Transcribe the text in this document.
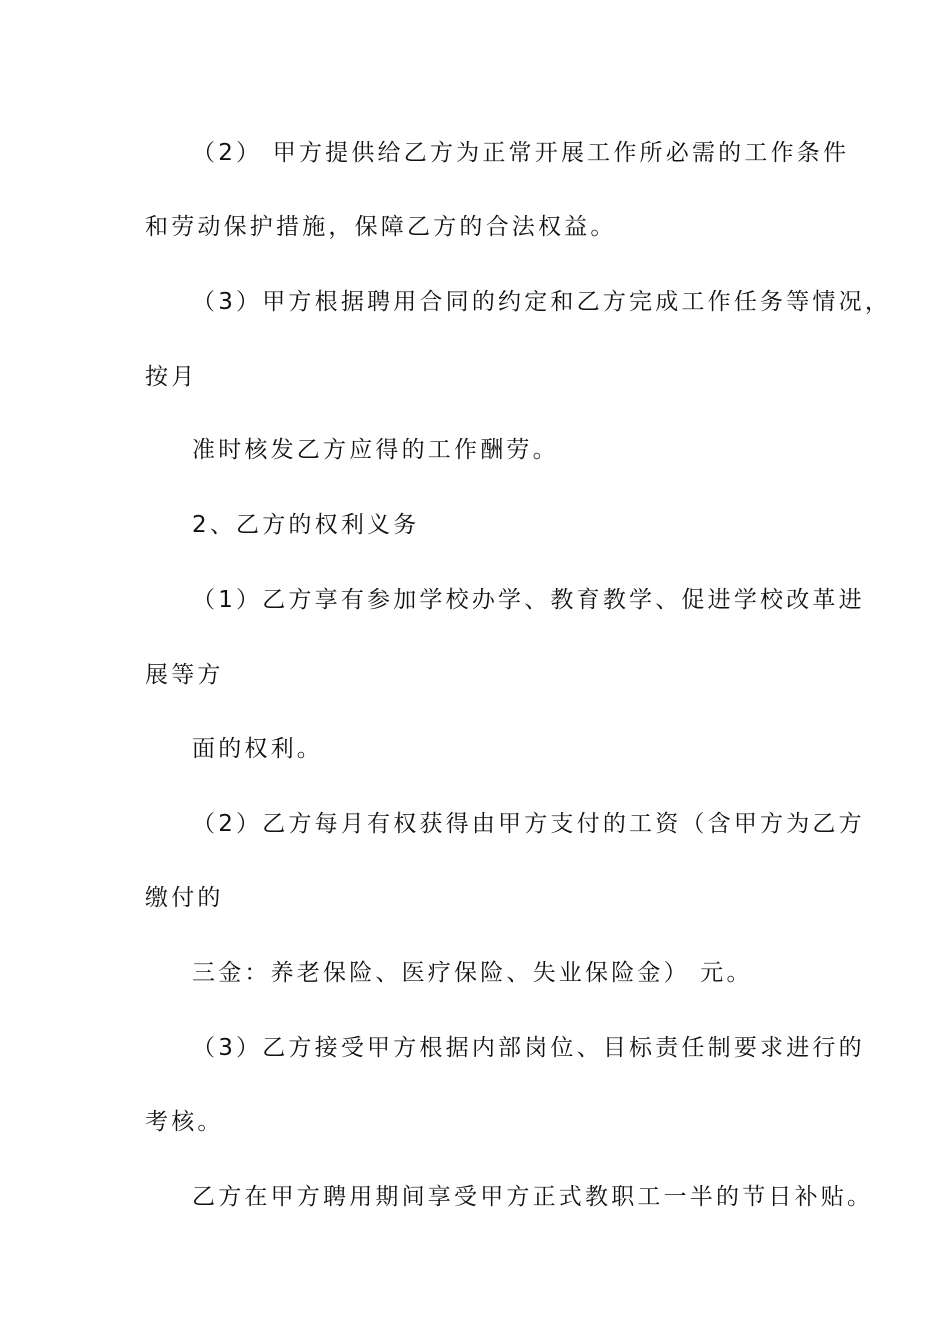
（2） 甲方提供给乙方为正常开展工作所必需的工作条件
和劳动保护措施，保障乙方的合法权益。
（3）甲方根据聘用合同的约定和乙方完成工作任务等情况，
按月
准时核发乙方应得的工作酬劳。
2、乙方的权利义务
（1）乙方享有参加学校办学、教育教学、促进学校改革进
展等方
面的权利。
（2）乙方每月有权获得由甲方支付的工资（含甲方为乙方
缴付的
三金：养老保险、医疗保险、失业保险金） 元。
（3）乙方接受甲方根据内部岗位、目标责任制要求进行的
考核。
乙方在甲方聘用期间享受甲方正式教职工一半的节日补贴。
